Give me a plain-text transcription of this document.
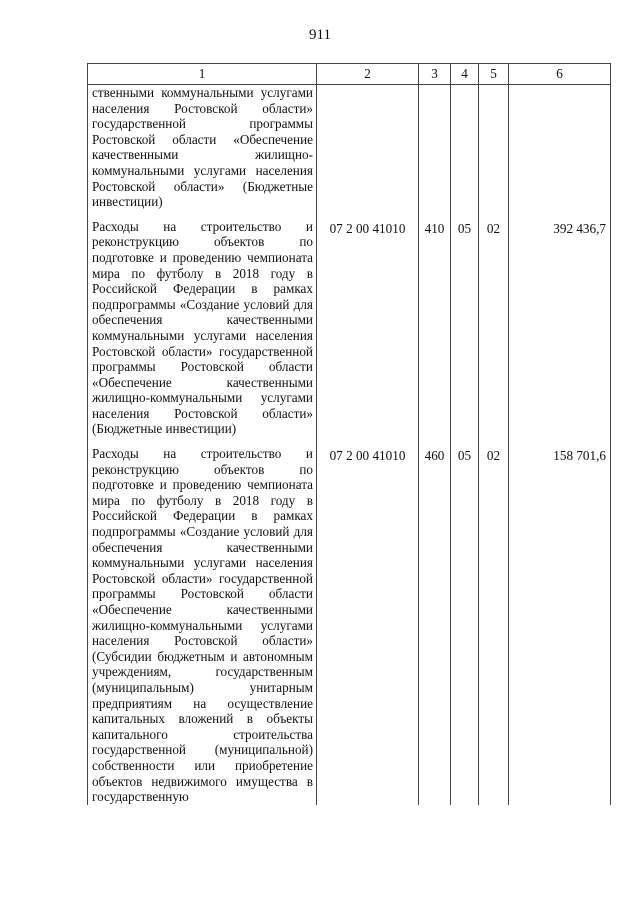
911
1	2	3	4	5	6

ственными коммунальными услугами населения Ростовской области» государственной программы Ростовской области «Обеспечение качественными жилищно-коммунальными услугами населения Ростовской области» (Бюджетные инвестиции)					

Расходы на строительство и реконструкцию объектов по подготовке и проведению чемпионата мира по футболу в 2018 году в Российской Федерации в рамках подпрограммы «Создание условий для обеспечения качественными коммунальными услугами населения Ростовской области» государственной программы Ростовской области «Обеспечение качественными жилищно-коммунальными услугами населения Ростовской области» (Бюджетные инвестиции)	07 2 00 41010	410	05	02	392 436,7

Расходы на строительство и реконструкцию объектов по подготовке и проведению чемпионата мира по футболу в 2018 году в Российской Федерации в рамках подпрограммы «Создание условий для обеспечения качественными коммунальными услугами населения Ростовской области» государственной программы Ростовской области «Обеспечение качественными жилищно-коммунальными услугами населения Ростовской области» (Субсидии бюджетным и автономным учреждениям, государственным (муниципальным) унитарным предприятиям на осуществление капитальных вложений в объекты капитального строительства государственной (муниципальной) собственности или приобретение объектов недвижимого имущества в государственную	07 2 00 41010	460	05	02	158 701,6
